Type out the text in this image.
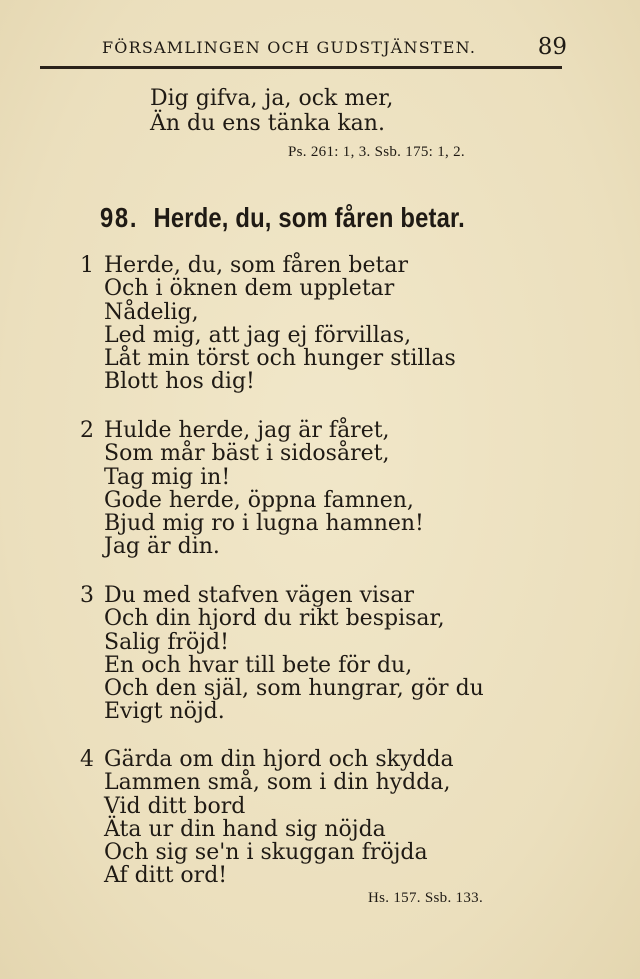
FÖRSAMLINGEN OCH GUDSTJÄNSTEN.	89
Dig gifva, ja, ock mer,
Än du ens tänka kan.
Ps. 261: 1, 3. Ssb. 175: 1, 2.
98. Herde, du, som fåren betar.
1 Herde, du, som fåren betar
Och i öknen dem uppletar
Nådelig,
Led mig, att jag ej förvillas,
Låt min törst och hunger stillas
Blott hos dig!
2 Hulde herde, jag är fåret,
Som mår bäst i sidosåret,
Tag mig in!
Gode herde, öppna famnen,
Bjud mig ro i lugna hamnen!
Jag är din.
3 Du med stafven vägen visar
Och din hjord du rikt bespisar,
Salig fröjd!
En och hvar till bete för du,
Och den själ, som hungrar, gör du
Evigt nöjd.
4 Gärda om din hjord och skydda
Lammen små, som i din hydda,
Vid ditt bord
Äta ur din hand sig nöjda
Och sig se'n i skuggan fröjda
Af ditt ord!
Hs. 157. Ssb. 133.
